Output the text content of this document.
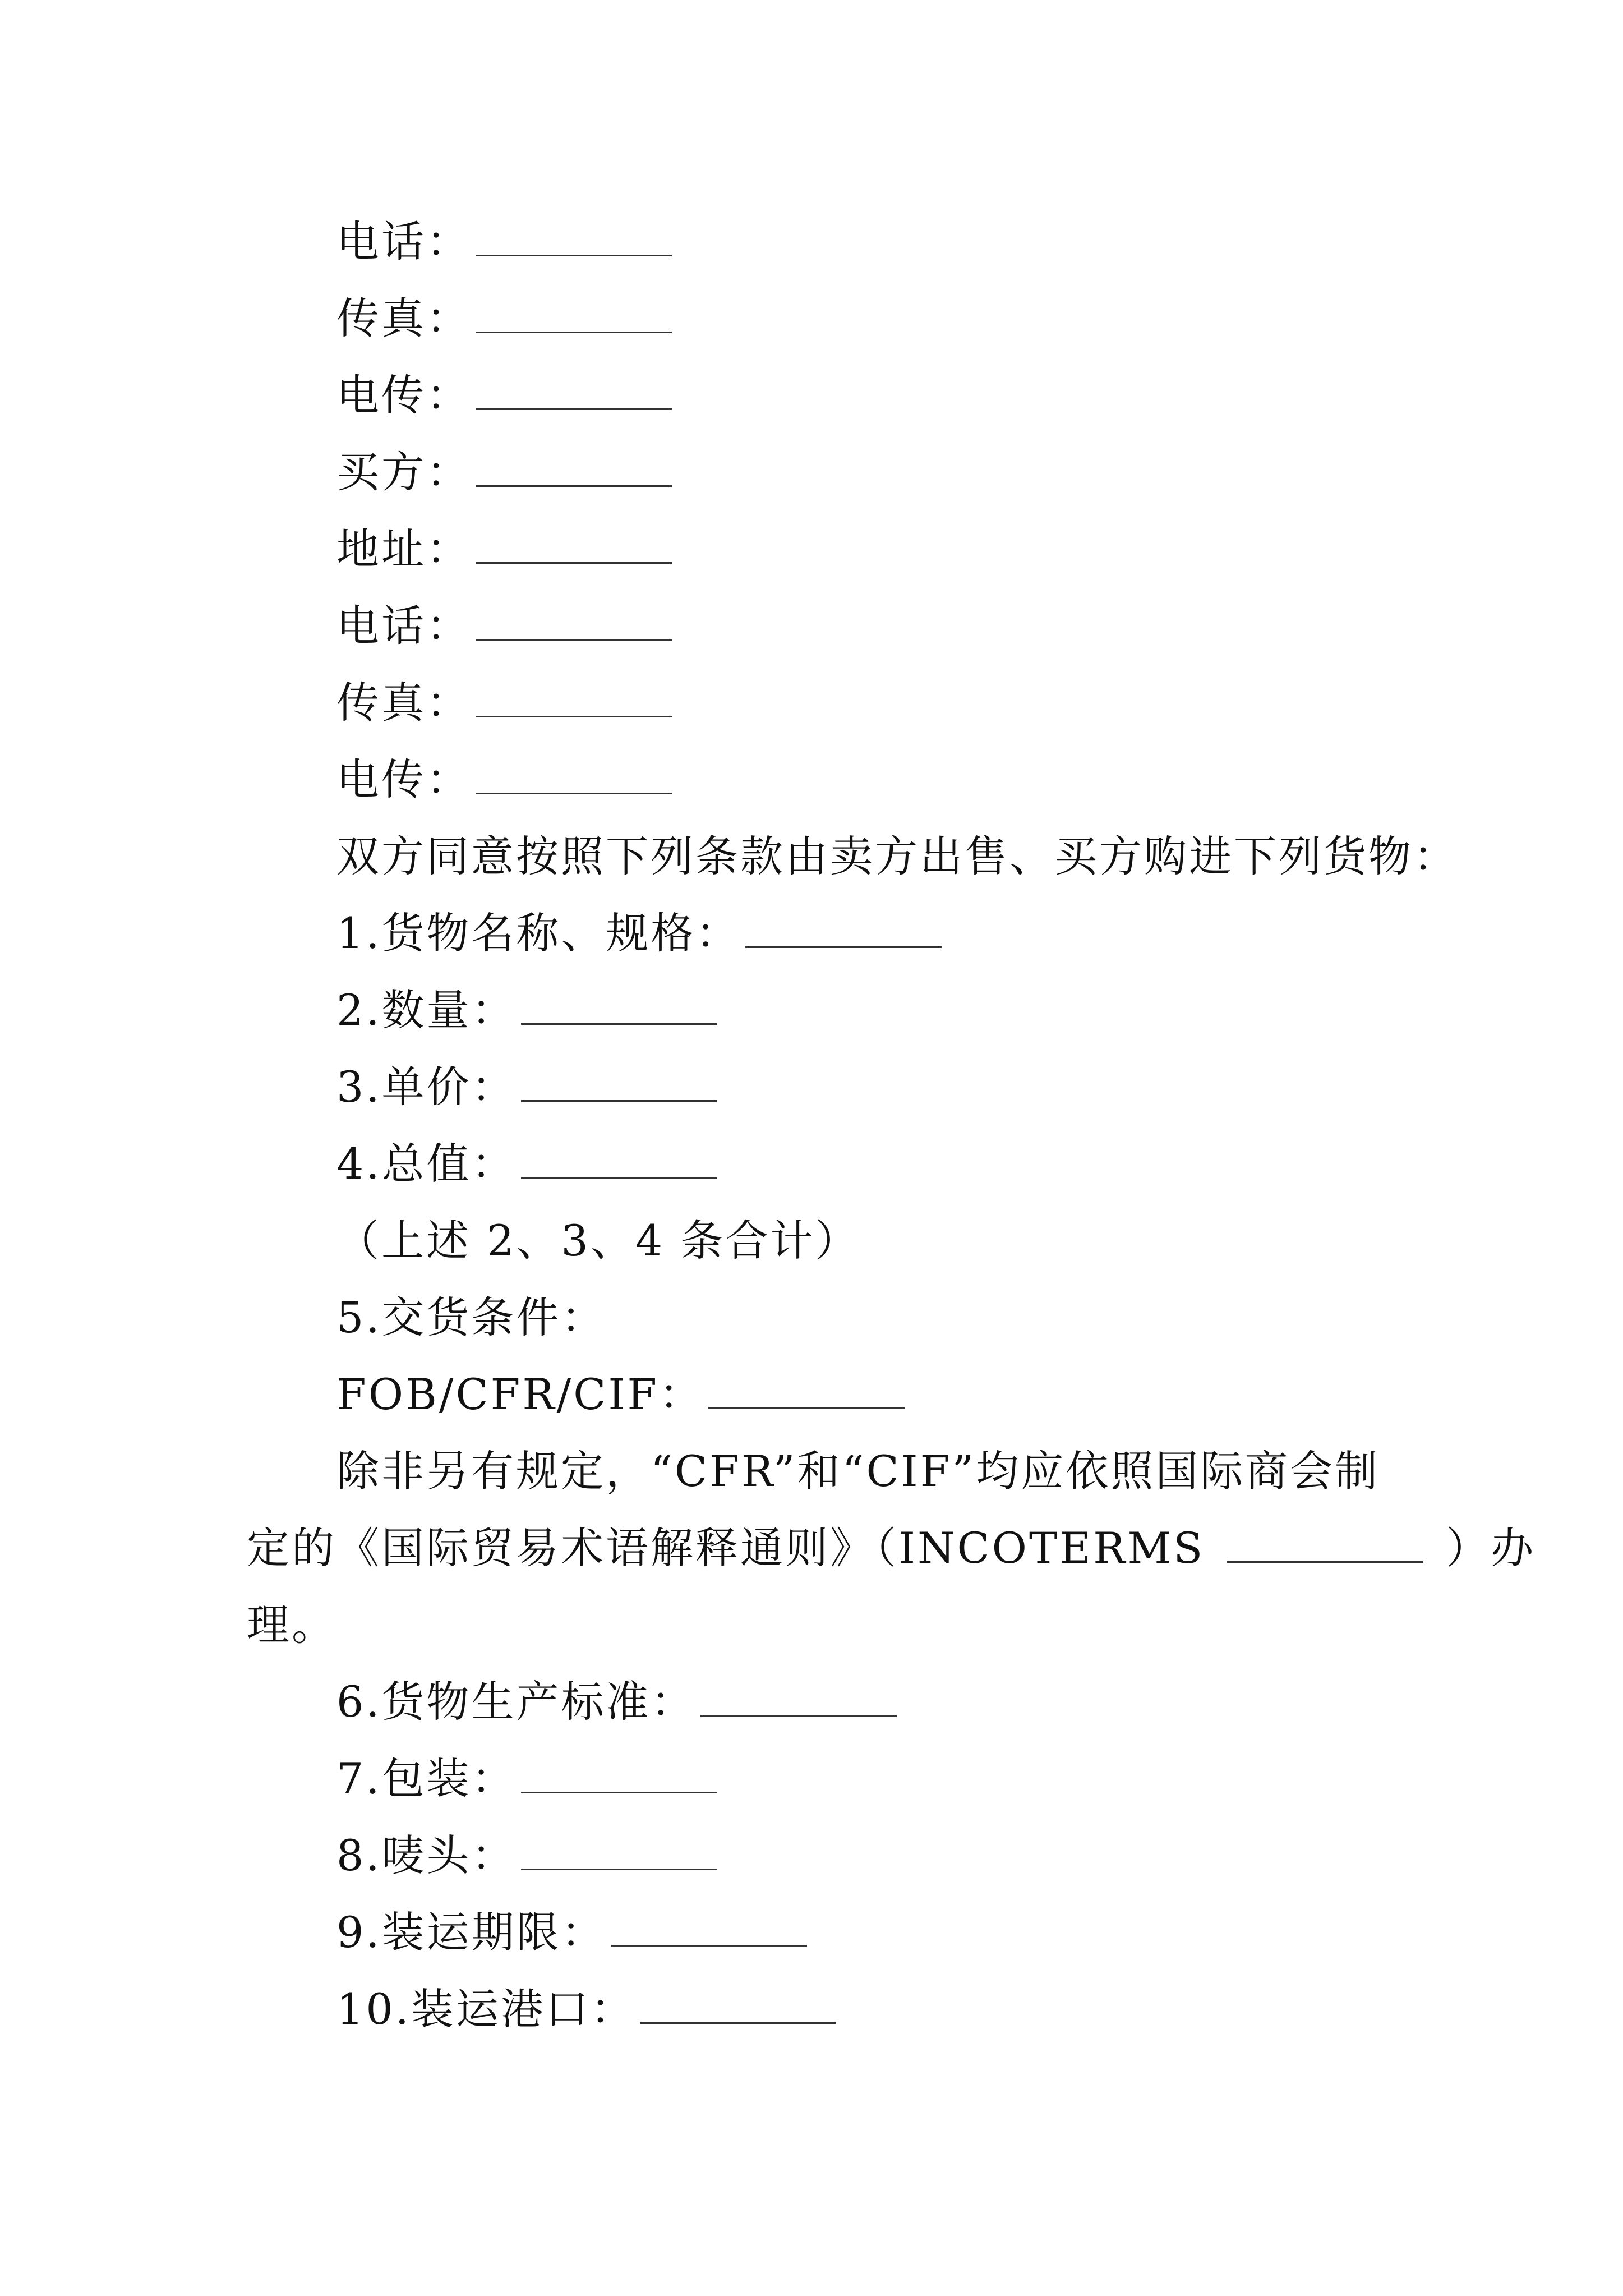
电话：
传真：
电传：
买方：
地址：
电话：
传真：
电传：
双方同意按照下列条款由卖方出售、买方购进下列货物：
1.货物名称、规格：
2.数量：
3.单价：
4.总值：
（上述 2、3、4 条合计）
5.交货条件：
FOB/CFR/CIF：
除非另有规定，“CFR”和“CIF”均应依照国际商会制
定的《国际贸易术语解释通则》（INCOTERMS	）办
理。
6.货物生产标准：
7.包装：
8.唛头：
9.装运期限：
10.装运港口：
